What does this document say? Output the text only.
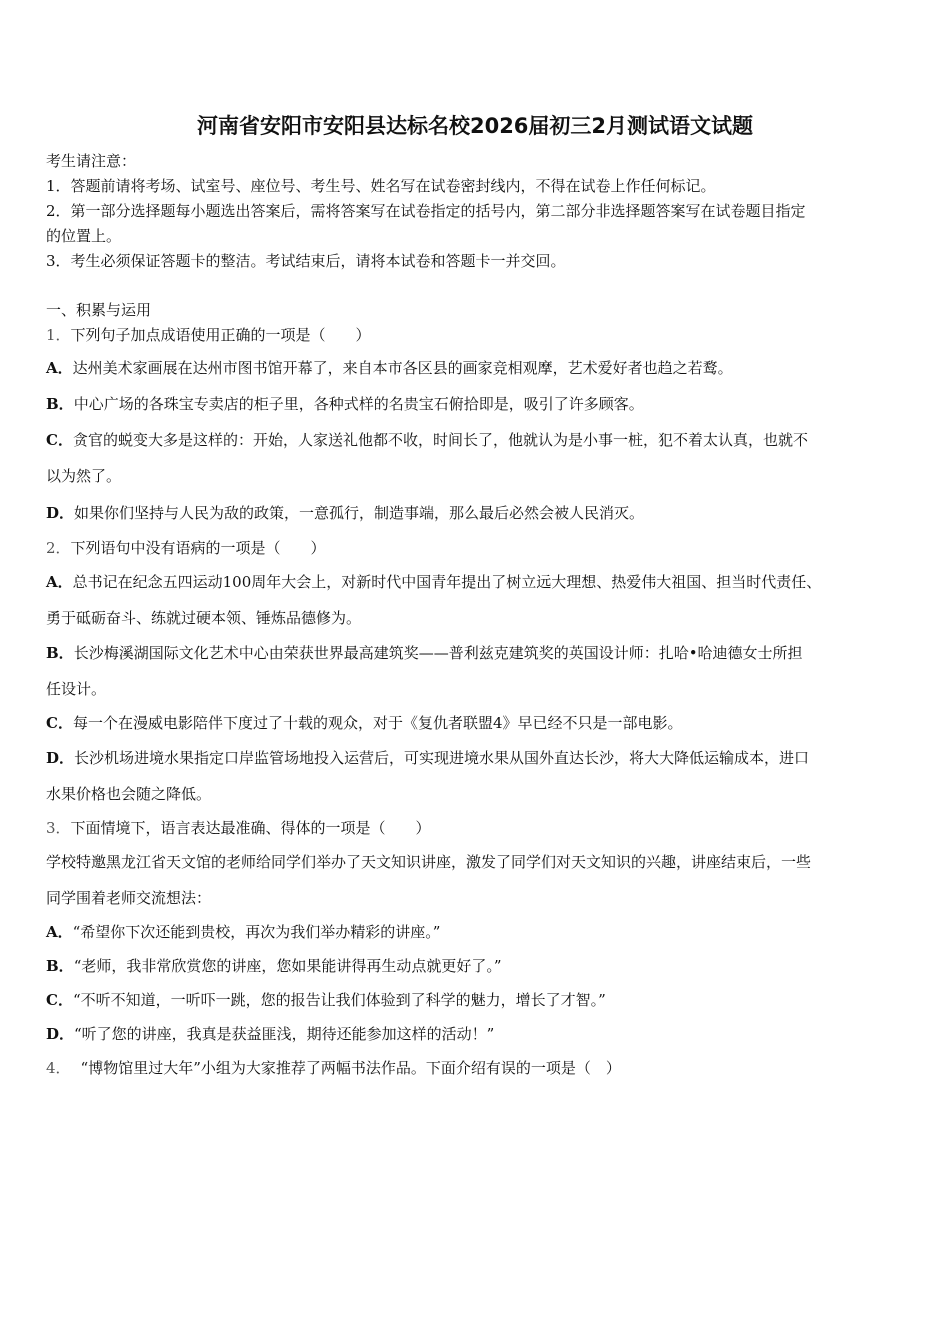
河南省安阳市安阳县达标名校2026届初三2月测试语文试题
考生请注意：
1．答题前请将考场、试室号、座位号、考生号、姓名写在试卷密封线内，不得在试卷上作任何标记。
2．第一部分选择题每小题选出答案后，需将答案写在试卷指定的括号内，第二部分非选择题答案写在试卷题目指定
的位置上。
3．考生必须保证答题卡的整洁。考试结束后，请将本试卷和答题卡一并交回。
一、积累与运用
1．下列句子加点成语使用正确的一项是（　　）
A．达州美术家画展在达州市图书馆开幕了，来自本市各区县的画家竞相观摩，艺术爱好者也趋之若鹜。
B．中心广场的各珠宝专卖店的柜子里，各种式样的名贵宝石俯拾即是，吸引了许多顾客。
C．贪官的蜕变大多是这样的：开始，人家送礼他都不收，时间长了，他就认为是小事一桩，犯不着太认真，也就不
以为然了。
D．如果你们坚持与人民为敌的政策，一意孤行，制造事端，那么最后必然会被人民消灭。
2．下列语句中没有语病的一项是（　　）
A．总书记在纪念五四运动100周年大会上，对新时代中国青年提出了树立远大理想、热爱伟大祖国、担当时代责任、
勇于砥砺奋斗、练就过硬本领、锤炼品德修为。
B．长沙梅溪湖国际文化艺术中心由荣获世界最高建筑奖——普利兹克建筑奖的英国设计师：扎哈•哈迪德女士所担
任设计。
C．每一个在漫威电影陪伴下度过了十载的观众，对于《复仇者联盟4》早已经不只是一部电影。
D．长沙机场进境水果指定口岸监管场地投入运营后，可实现进境水果从国外直达长沙，将大大降低运输成本，进口
水果价格也会随之降低。
3．下面情境下，语言表达最准确、得体的一项是（　　）
学校特邀黑龙江省天文馆的老师给同学们举办了天文知识讲座，激发了同学们对天文知识的兴趣，讲座结束后，一些
同学围着老师交流想法：
A．“希望你下次还能到贵校，再次为我们举办精彩的讲座。”
B．“老师，我非常欣赏您的讲座，您如果能讲得再生动点就更好了。”
C．“不听不知道，一听吓一跳，您的报告让我们体验到了科学的魅力，增长了才智。”
D．“听了您的讲座，我真是获益匪浅，期待还能参加这样的活动！”
4． “博物馆里过大年”小组为大家推荐了两幅书法作品。下面介绍有误的一项是（　）
